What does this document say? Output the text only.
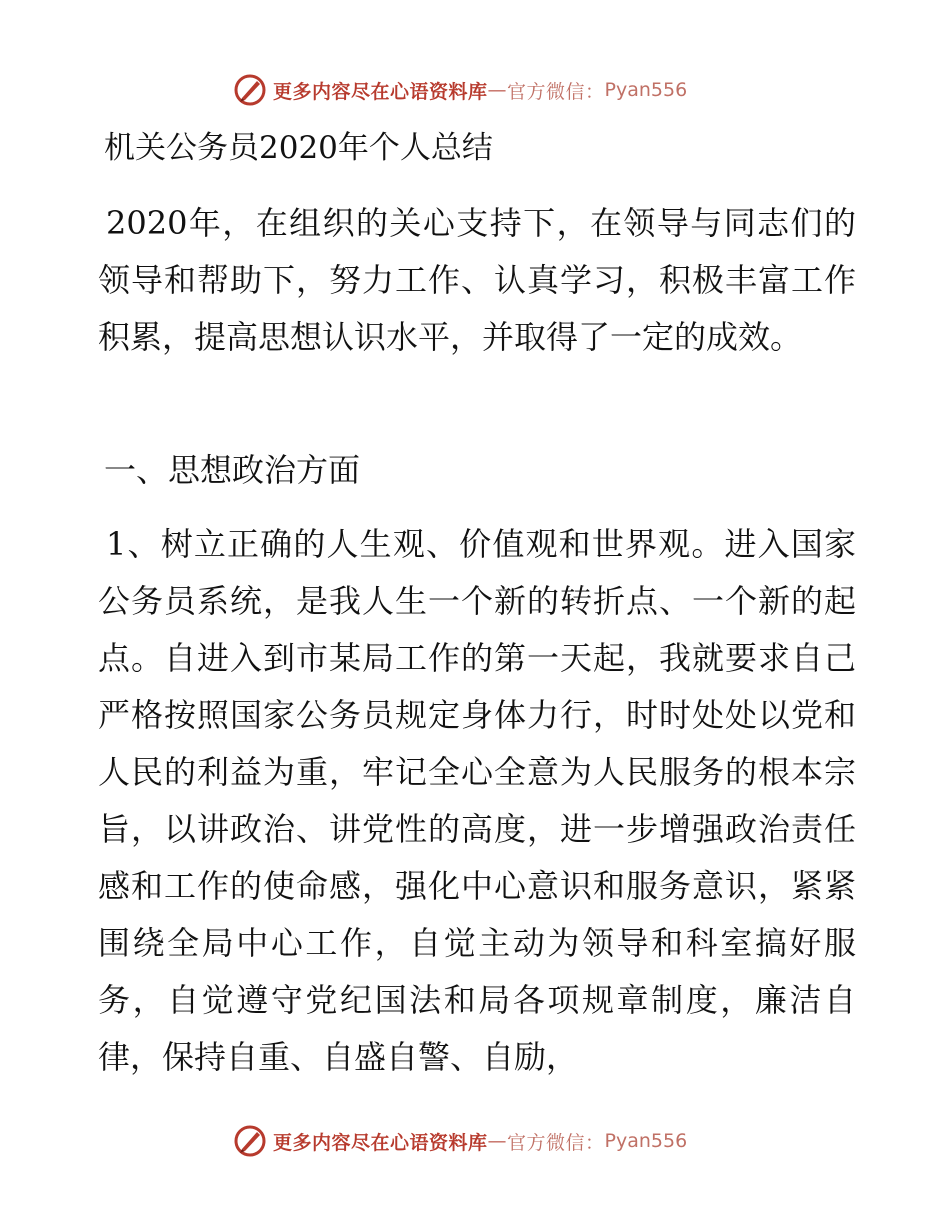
更多内容尽在心语资料库 — 官方微信： Pyan556
机关公务员2020年个人总结

2020年，在组织的关心支持下，在领导与同志们的领导和帮助下，努力工作、认真学习，积极丰富工作积累，提高思想认识水平，并取得了一定的成效。

一、思想政治方面

1、树立正确的人生观、价值观和世界观。进入国家公务员系统，是我人生一个新的转折点、一个新的起点。自进入到市某局工作的第一天起，我就要求自己严格按照国家公务员规定身体力行，时时处处以党和人民的利益为重，牢记全心全意为人民服务的根本宗旨，以讲政治、讲党性的高度，进一步增强政治责任感和工作的使命感，强化中心意识和服务意识，紧紧围绕全局中心工作，自觉主动为领导和科室搞好服务，自觉遵守党纪国法和局各项规章制度，廉洁自律，保持自重、自盛自警、自励，

更多内容尽在心语资料库 — 官方微信： Pyan556
